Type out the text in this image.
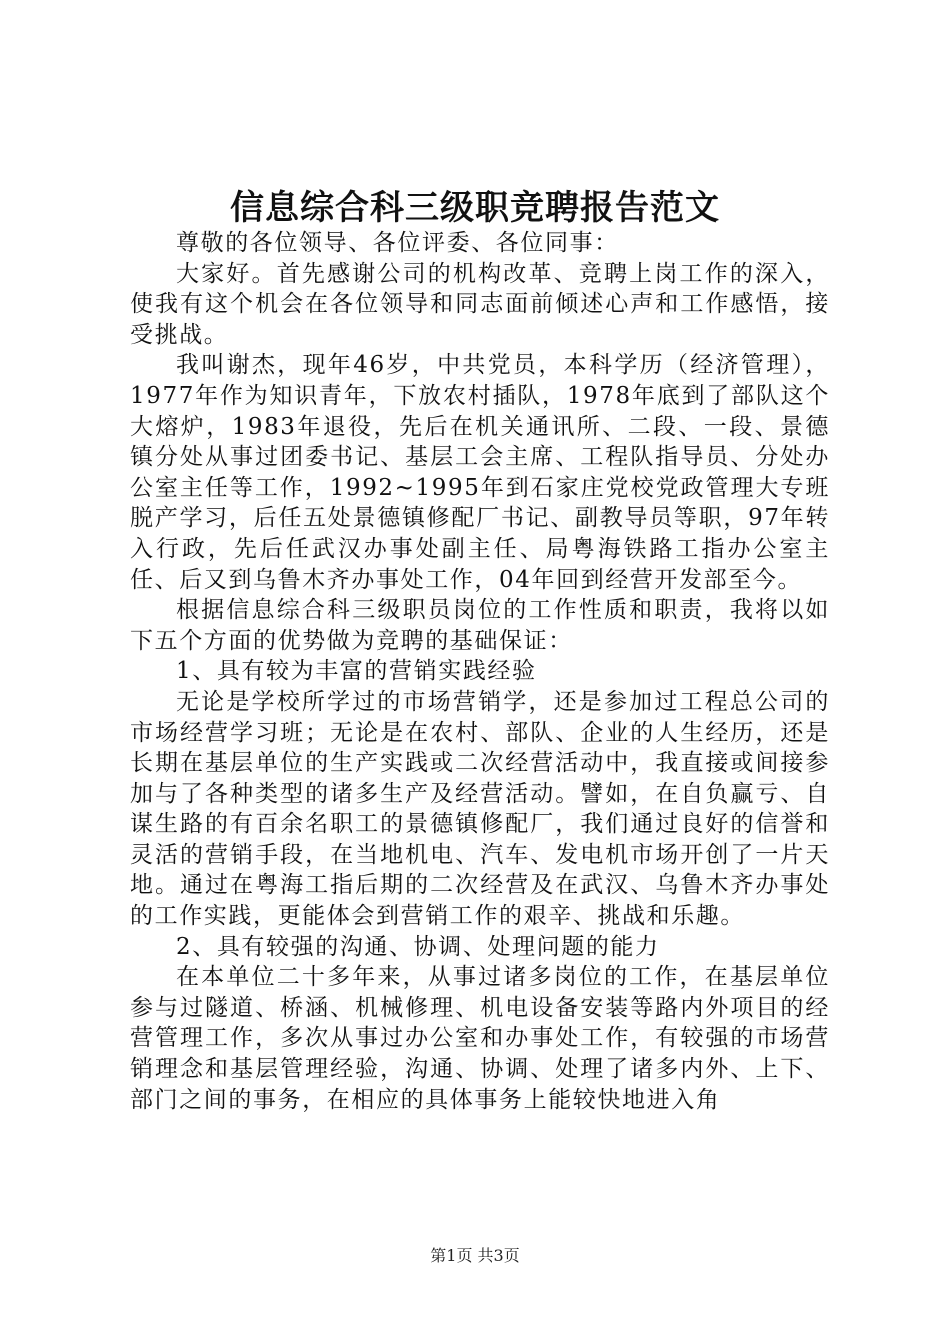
信息综合科三级职竞聘报告范文

尊敬的各位领导、各位评委、各位同事：

大家好。首先感谢公司的机构改革、竞聘上岗工作的深入，使我有这个机会在各位领导和同志面前倾述心声和工作感悟，接受挑战。

我叫谢杰，现年46岁，中共党员，本科学历（经济管理），1977年作为知识青年，下放农村插队，1978年底到了部队这个大熔炉，1983年退役，先后在机关通讯所、二段、一段、景德镇分处从事过团委书记、基层工会主席、工程队指导员、分处办公室主任等工作，1992~1995年到石家庄党校党政管理大专班脱产学习，后任五处景德镇修配厂书记、副教导员等职，97年转入行政，先后任武汉办事处副主任、局粤海铁路工指办公室主任、后又到乌鲁木齐办事处工作，04年回到经营开发部至今。

根据信息综合科三级职员岗位的工作性质和职责，我将以如下五个方面的优势做为竞聘的基础保证：

1、具有较为丰富的营销实践经验

无论是学校所学过的市场营销学，还是参加过工程总公司的市场经营学习班；无论是在农村、部队、企业的人生经历，还是长期在基层单位的生产实践或二次经营活动中，我直接或间接参加与了各种类型的诸多生产及经营活动。譬如，在自负赢亏、自谋生路的有百余名职工的景德镇修配厂，我们通过良好的信誉和灵活的营销手段，在当地机电、汽车、发电机市场开创了一片天地。通过在粤海工指后期的二次经营及在武汉、乌鲁木齐办事处的工作实践，更能体会到营销工作的艰辛、挑战和乐趣。

2、具有较强的沟通、协调、处理问题的能力

在本单位二十多年来，从事过诸多岗位的工作，在基层单位参与过隧道、桥涵、机械修理、机电设备安装等路内外项目的经营管理工作，多次从事过办公室和办事处工作，有较强的市场营销理念和基层管理经验，沟通、协调、处理了诸多内外、上下、部门之间的事务，在相应的具体事务上能较快地进入角

第1页 共3页
